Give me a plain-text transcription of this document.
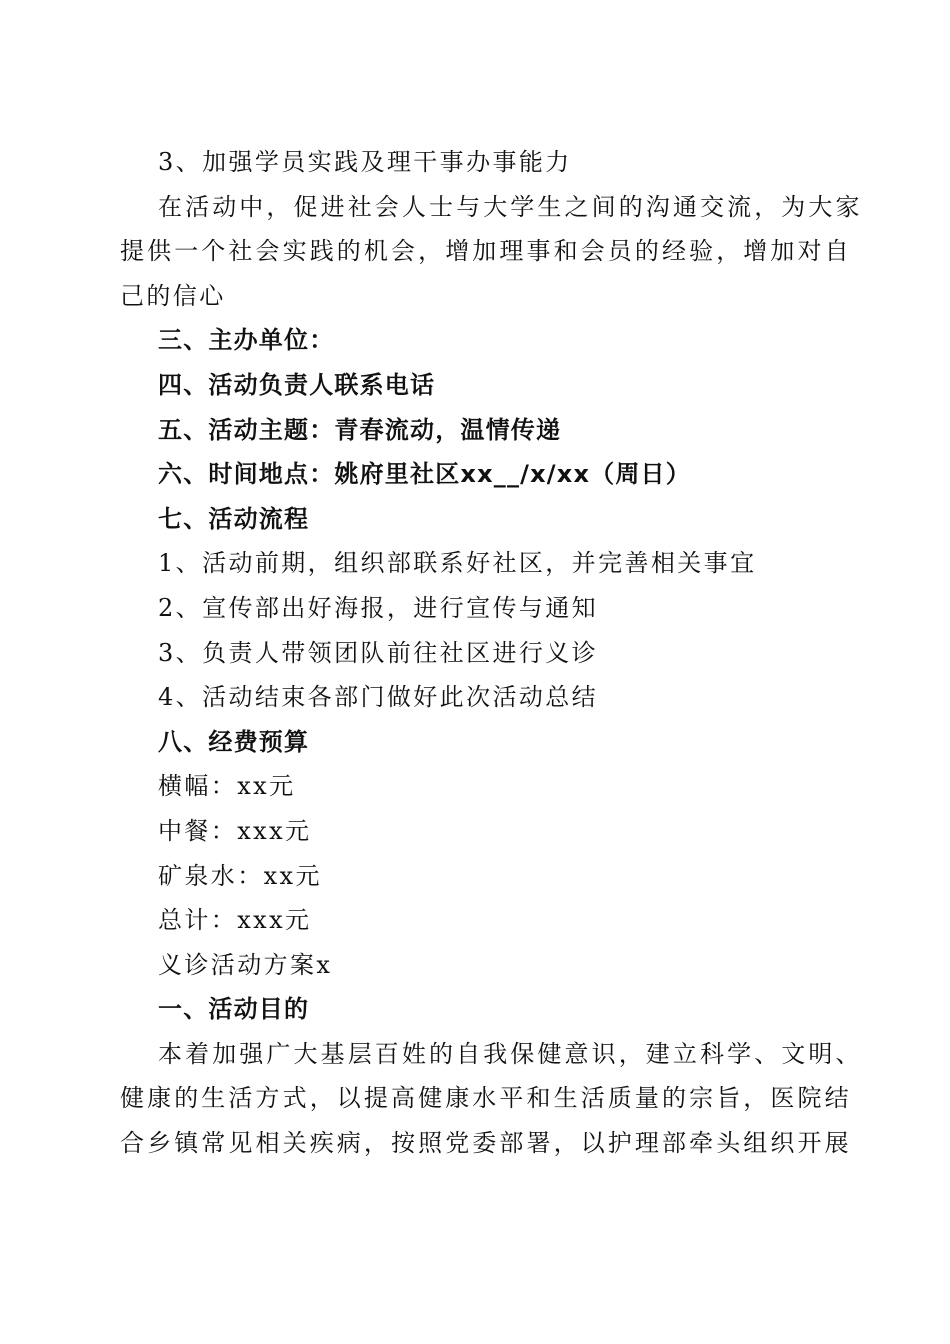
3、加强学员实践及理干事办事能力
在活动中，促进社会人士与大学生之间的沟通交流，为大家
提供一个社会实践的机会，增加理事和会员的经验，增加对自
己的信心
三、主办单位：
四、活动负责人联系电话
五、活动主题：青春流动，温情传递
六、时间地点：姚府里社区xx__/x/xx（周日）
七、活动流程
1、活动前期，组织部联系好社区，并完善相关事宜
2、宣传部出好海报，进行宣传与通知
3、负责人带领团队前往社区进行义诊
4、活动结束各部门做好此次活动总结
八、经费预算
横幅：xx元
中餐：xxx元
矿泉水：xx元
总计：xxx元
义诊活动方案x
一、活动目的
本着加强广大基层百姓的自我保健意识，建立科学、文明、
健康的生活方式，以提高健康水平和生活质量的宗旨，医院结
合乡镇常见相关疾病，按照党委部署，以护理部牵头组织开展
